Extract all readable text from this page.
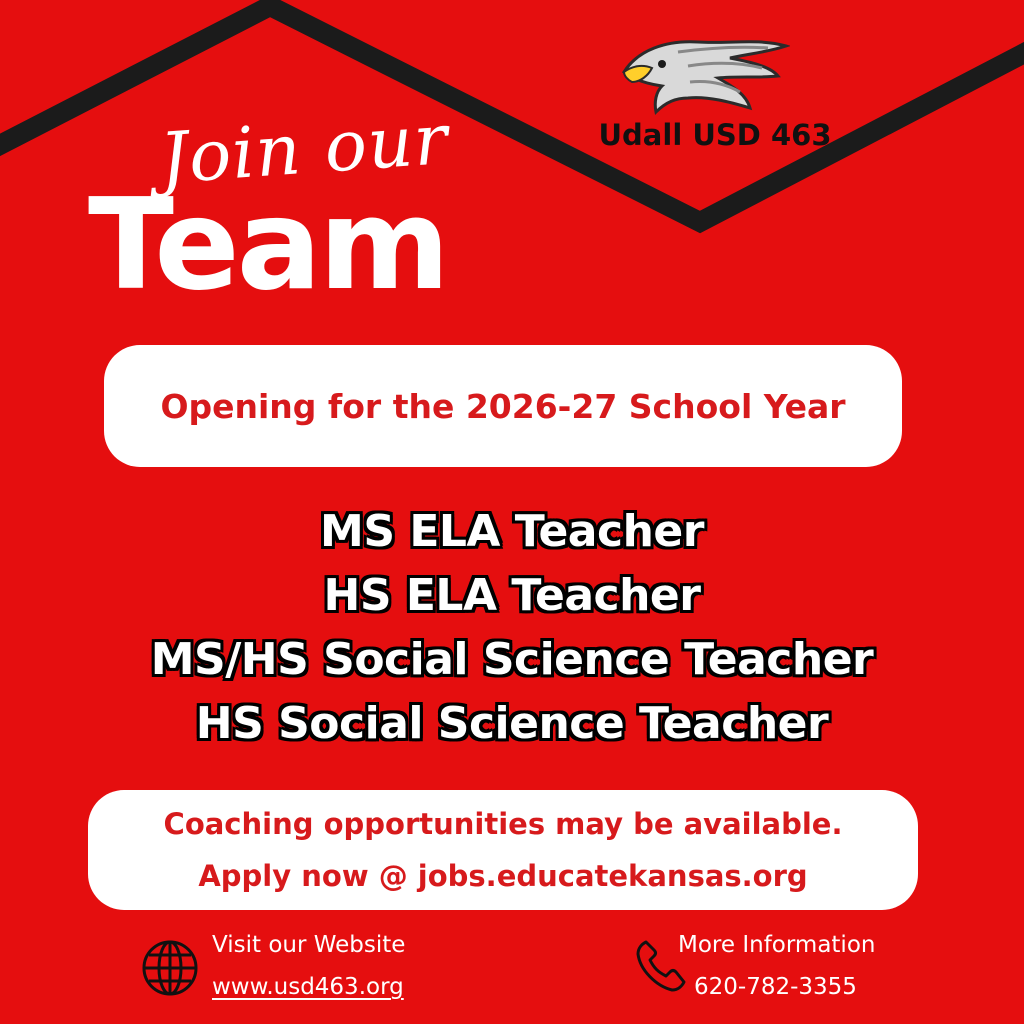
Join our
Team
Udall USD 463
Opening for the 2026-27 School Year
MS ELA Teacher
HS ELA Teacher
MS/HS Social Science Teacher
HS Social Science Teacher
Coaching opportunities may be available.
Apply now @ jobs.educatekansas.org
Visit our Website
www.usd463.org
More Information
620-782-3355
